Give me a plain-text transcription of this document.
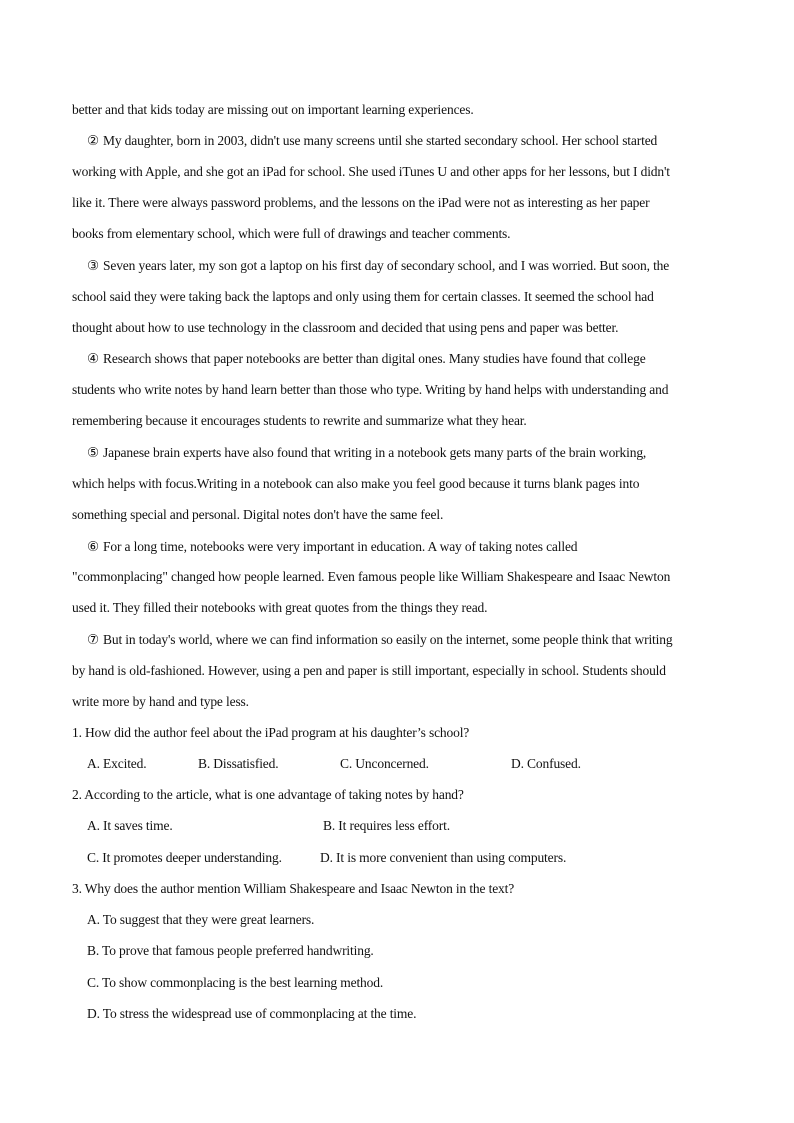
better and that kids today are missing out on important learning experiences.
② My daughter, born in 2003, didn't use many screens until she started secondary school. Her school started
working with Apple, and she got an iPad for school. She used iTunes U and other apps for her lessons, but I didn't
like it. There were always password problems, and the lessons on the iPad were not as interesting as her paper
books from elementary school, which were full of drawings and teacher comments.
③ Seven years later, my son got a laptop on his first day of secondary school, and I was worried. But soon, the
school said they were taking back the laptops and only using them for certain classes. It seemed the school had
thought about how to use technology in the classroom and decided that using pens and paper was better.
④ Research shows that paper notebooks are better than digital ones. Many studies have found that college
students who write notes by hand learn better than those who type. Writing by hand helps with understanding and
remembering because it encourages students to rewrite and summarize what they hear.
⑤ Japanese brain experts have also found that writing in a notebook gets many parts of the brain working,
which helps with focus.Writing in a notebook can also make you feel good because it turns blank pages into
something special and personal. Digital notes don't have the same feel.
⑥ For a long time, notebooks were very important in education. A way of taking notes called
"commonplacing" changed how people learned. Even famous people like William Shakespeare and Isaac Newton
used it. They filled their notebooks with great quotes from the things they read.
⑦ But in today's world, where we can find information so easily on the internet, some people think that writing
by hand is old-fashioned. However, using a pen and paper is still important, especially in school. Students should
write more by hand and type less.
1. How did the author feel about the iPad program at his daughter’s school?
A. Excited.	B. Dissatisfied.	C. Unconcerned.	D. Confused.
2. According to the article, what is one advantage of taking notes by hand?
A. It saves time.	B. It requires less effort.
C. It promotes deeper understanding.	D. It is more convenient than using computers.
3. Why does the author mention William Shakespeare and Isaac Newton in the text?
A. To suggest that they were great learners.
B. To prove that famous people preferred handwriting.
C. To show commonplacing is the best learning method.
D. To stress the widespread use of commonplacing at the time.
